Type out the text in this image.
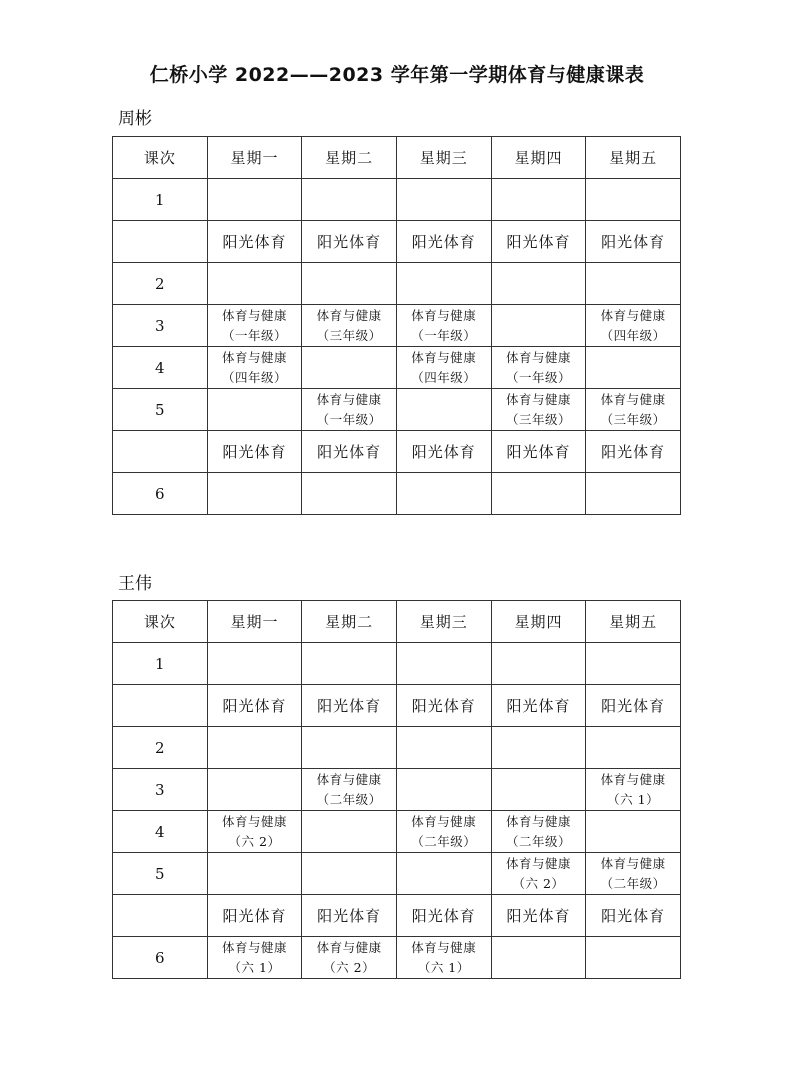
仁桥小学 2022——2023 学年第一学期体育与健康课表
周彬
课次	星期一	星期二	星期三	星期四	星期五
1					
	阳光体育	阳光体育	阳光体育	阳光体育	阳光体育
2					
3	体育与健康
（一年级）	体育与健康
（三年级）	体育与健康
（一年级）		体育与健康
（四年级）

4	体育与健康
（四年级）		体育与健康
（四年级）	体育与健康
（一年级）	

5		体育与健康
（一年级）		体育与健康
（三年级）	体育与健康
（三年级）

	阳光体育	阳光体育	阳光体育	阳光体育	阳光体育
6					
王伟
课次	星期一	星期二	星期三	星期四	星期五
1					
	阳光体育	阳光体育	阳光体育	阳光体育	阳光体育
2					
3		体育与健康
（二年级）			体育与健康
（六 1）

4	体育与健康
（六 2）		体育与健康
（二年级）	体育与健康
（二年级）	

5				体育与健康
（六 2）	体育与健康
（二年级）

	阳光体育	阳光体育	阳光体育	阳光体育	阳光体育
6	体育与健康
（六 1）	体育与健康
（六 2）	体育与健康
（六 1）		
